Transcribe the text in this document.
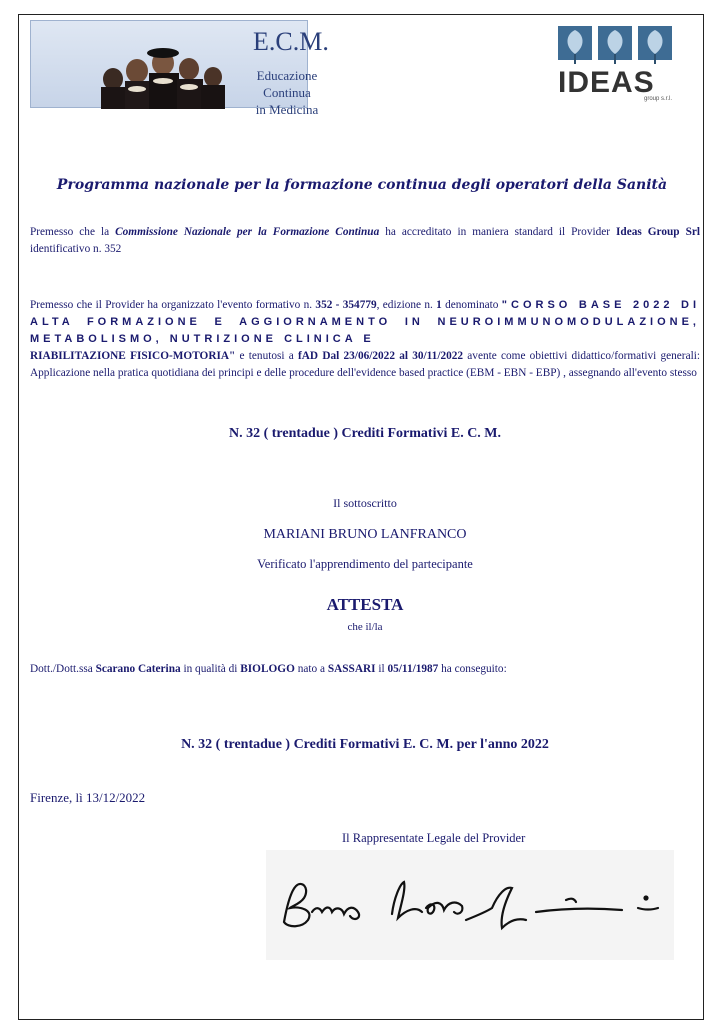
E.C.M.
Educazione Continua
in Medicina
IDEAS
group s.r.l.
Programma nazionale per la formazione continua degli operatori della Sanità
Premesso che la Commissione Nazionale per la Formazione Continua ha accreditato in maniera standard il Provider Ideas Group Srl identificativo n. 352
Premesso che il Provider ha organizzato l'evento formativo n. 352 - 354779, edizione n. 1 denominato "CORSO BASE 2022 DI ALTA FORMAZIONE E AGGIORNAMENTO IN NEUROIMMUNOMODULAZIONE, METABOLISMO, NUTRIZIONE CLINICA E
RIABILITAZIONE FISICO-MOTORIA" e tenutosi a fAD Dal 23/06/2022 al 30/11/2022 avente come obiettivi didattico/formativi generali: Applicazione nella pratica quotidiana dei principi e delle procedure dell'evidence based practice (EBM - EBN - EBP) , assegnando all'evento stesso
N. 32 ( trentadue ) Crediti Formativi E. C. M.
Il sottoscritto
MARIANI BRUNO LANFRANCO
Verificato l'apprendimento del partecipante
ATTESTA
che il/la
Dott./Dott.ssa Scarano Caterina in qualità di BIOLOGO nato a SASSARI il 05/11/1987 ha conseguito:
N. 32 ( trentadue ) Crediti Formativi E. C. M. per l'anno 2022
Firenze, lì 13/12/2022
Il Rappresentate Legale del Provider
